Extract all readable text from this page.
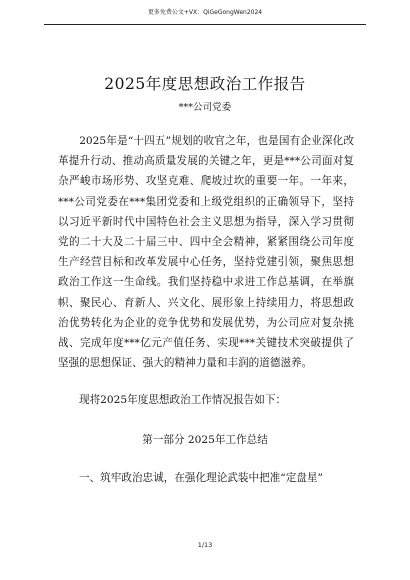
更多免费公文+VX：QiGeGongWen2024
2025年度思想政治工作报告
***公司党委

2025年是“十四五”规划的收官之年，也是国有企业深化改革提升行动、推动高质量发展的关键之年，更是***公司面对复杂严峻市场形势、攻坚克难、爬坡过坎的重要一年。一年来，***公司党委在***集团党委和上级党组织的正确领导下，坚持以习近平新时代中国特色社会主义思想为指导，深入学习贯彻党的二十大及二十届三中、四中全会精神，紧紧围绕公司年度生产经营目标和改革发展中心任务，坚持党建引领，聚焦思想政治工作这一生命线。我们坚持稳中求进工作总基调，在举旗帜、聚民心、育新人、兴文化、展形象上持续用力，将思想政治优势转化为企业的竞争优势和发展优势，为公司应对复杂挑战、完成年度***亿元产值任务、实现***关键技术突破提供了坚强的思想保证、强大的精神力量和丰润的道德滋养。

现将2025年度思想政治工作情况报告如下：
第一部分 2025年工作总结
一、筑牢政治忠诚，在强化理论武装中把准“定盘星”
1/13
